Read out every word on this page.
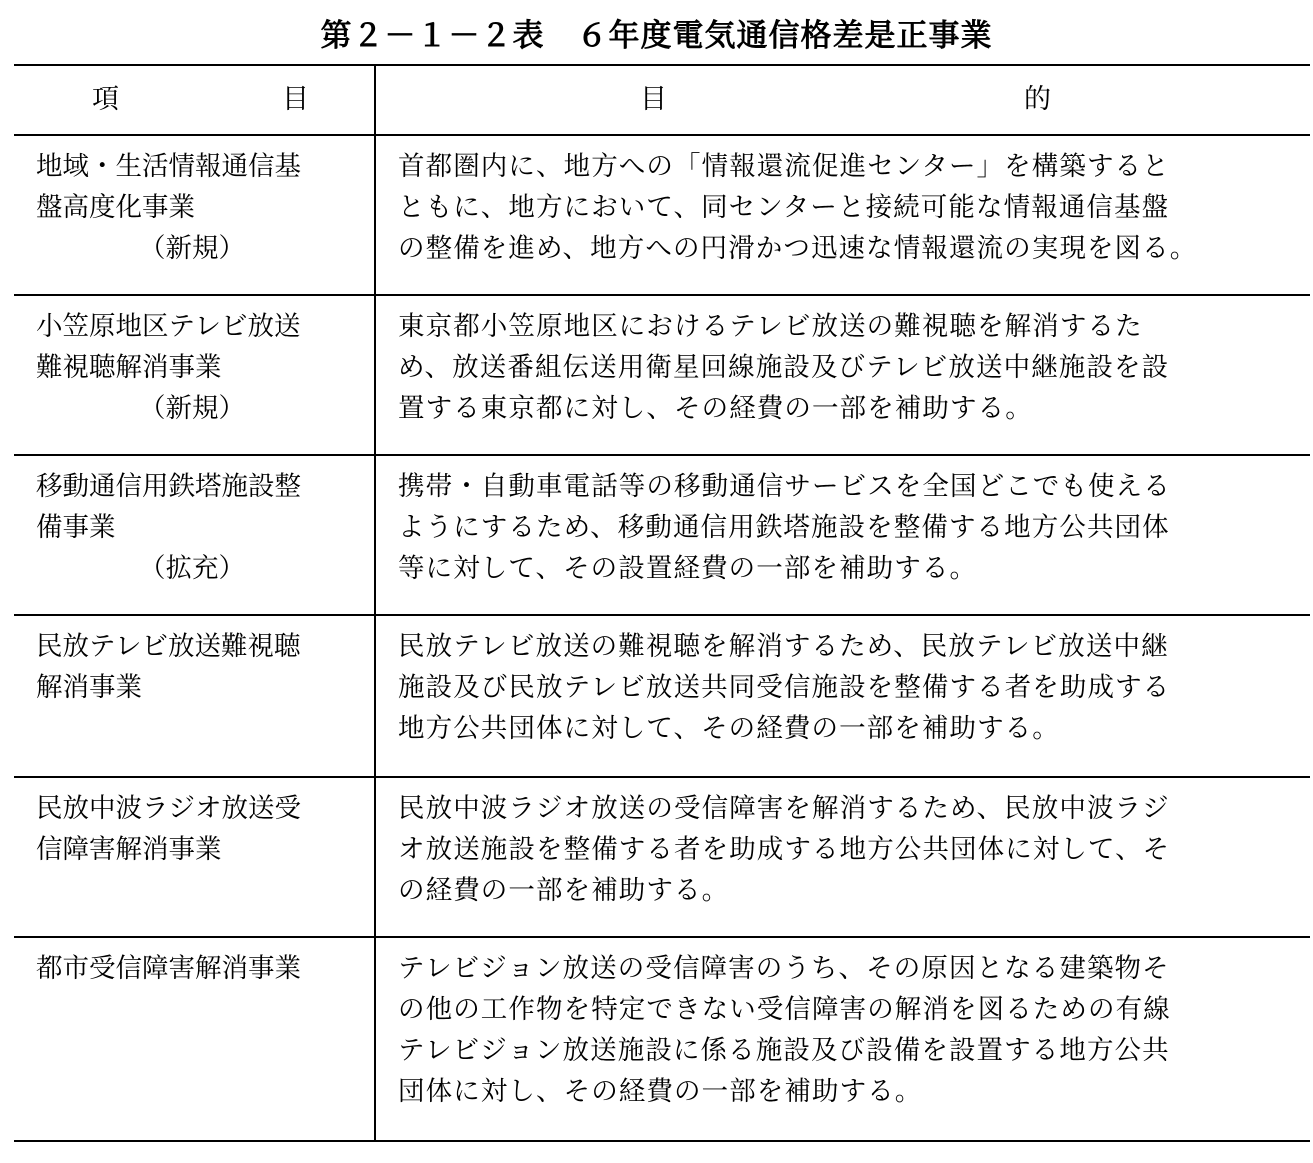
第２－１－２表　６年度電気通信格差是正事業
項 目	目 的

地域・生活情報通信基
盤高度化事業
（新規）	首都圏内に、地方への「情報還流促進センター」を構築すると
ともに、地方において、同センターと接続可能な情報通信基盤
の整備を進め、地方への円滑かつ迅速な情報還流の実現を図る。

小笠原地区テレビ放送
難視聴解消事業
（新規）	東京都小笠原地区におけるテレビ放送の難視聴を解消するた
め、放送番組伝送用衛星回線施設及びテレビ放送中継施設を設
置する東京都に対し、その経費の一部を補助する。

移動通信用鉄塔施設整
備事業
（拡充）	携帯・自動車電話等の移動通信サービスを全国どこでも使える
ようにするため、移動通信用鉄塔施設を整備する地方公共団体
等に対して、その設置経費の一部を補助する。

民放テレビ放送難視聴
解消事業	民放テレビ放送の難視聴を解消するため、民放テレビ放送中継
施設及び民放テレビ放送共同受信施設を整備する者を助成する
地方公共団体に対して、その経費の一部を補助する。

民放中波ラジオ放送受
信障害解消事業	民放中波ラジオ放送の受信障害を解消するため、民放中波ラジ
オ放送施設を整備する者を助成する地方公共団体に対して、そ
の経費の一部を補助する。

都市受信障害解消事業	テレビジョン放送の受信障害のうち、その原因となる建築物そ
の他の工作物を特定できない受信障害の解消を図るための有線
テレビジョン放送施設に係る施設及び設備を設置する地方公共
団体に対し、その経費の一部を補助する。
